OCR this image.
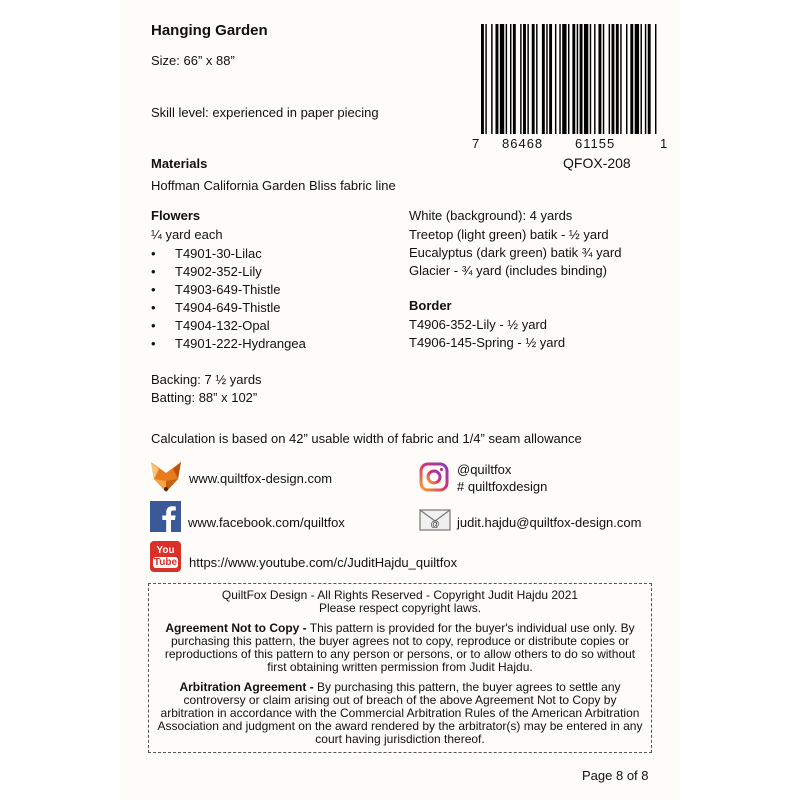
Hanging Garden
Size: 66” x 88”
Skill level: experienced in paper piecing
7 86468 61155	1
QFOX-208
Materials
Hoffman California Garden Bliss fabric line
Flowers
¼ yard each
• T4901-30-Lilac
• T4902-352-Lily
• T4903-649-Thistle
• T4904-649-Thistle
• T4904-132-Opal
• T4901-222-Hydrangea
White (background): 4 yards
Treetop (light green) batik - ½ yard
Eucalyptus (dark green) batik ¾ yard
Glacier - ¾ yard (includes binding)
Border
T4906-352-Lily - ½ yard
T4906-145-Spring - ½ yard
Backing: 7 ½ yards
Batting: 88” x 102”
Calculation is based on 42” usable width of fabric and 1/4” seam allowance
www.quiltfox-design.com
@quiltfox
# quiltfoxdesign
www.facebook.com/quiltfox	@ judit.hajdu@quiltfox-design.com
You
Tube https://www.youtube.com/c/JuditHajdu_quiltfox

QuiltFox Design - All Rights Reserved - Copyright Judit Hajdu 2021
Please respect copyright laws.

Agreement Not to Copy - This pattern is provided for the buyer's individual use only. By purchasing this pattern, the buyer agrees not to copy, reproduce or distribute copies or reproductions of this pattern to any person or persons, or to allow others to do so without first obtaining written permission from Judit Hajdu.

Arbitration Agreement - By purchasing this pattern, the buyer agrees to settle any controversy or claim arising out of breach of the above Agreement Not to Copy by arbitration in accordance with the Commercial Arbitration Rules of the American Arbitration Association and judgment on the award rendered by the arbitrator(s) may be entered in any court having jurisdiction thereof.

Page 8 of 8
